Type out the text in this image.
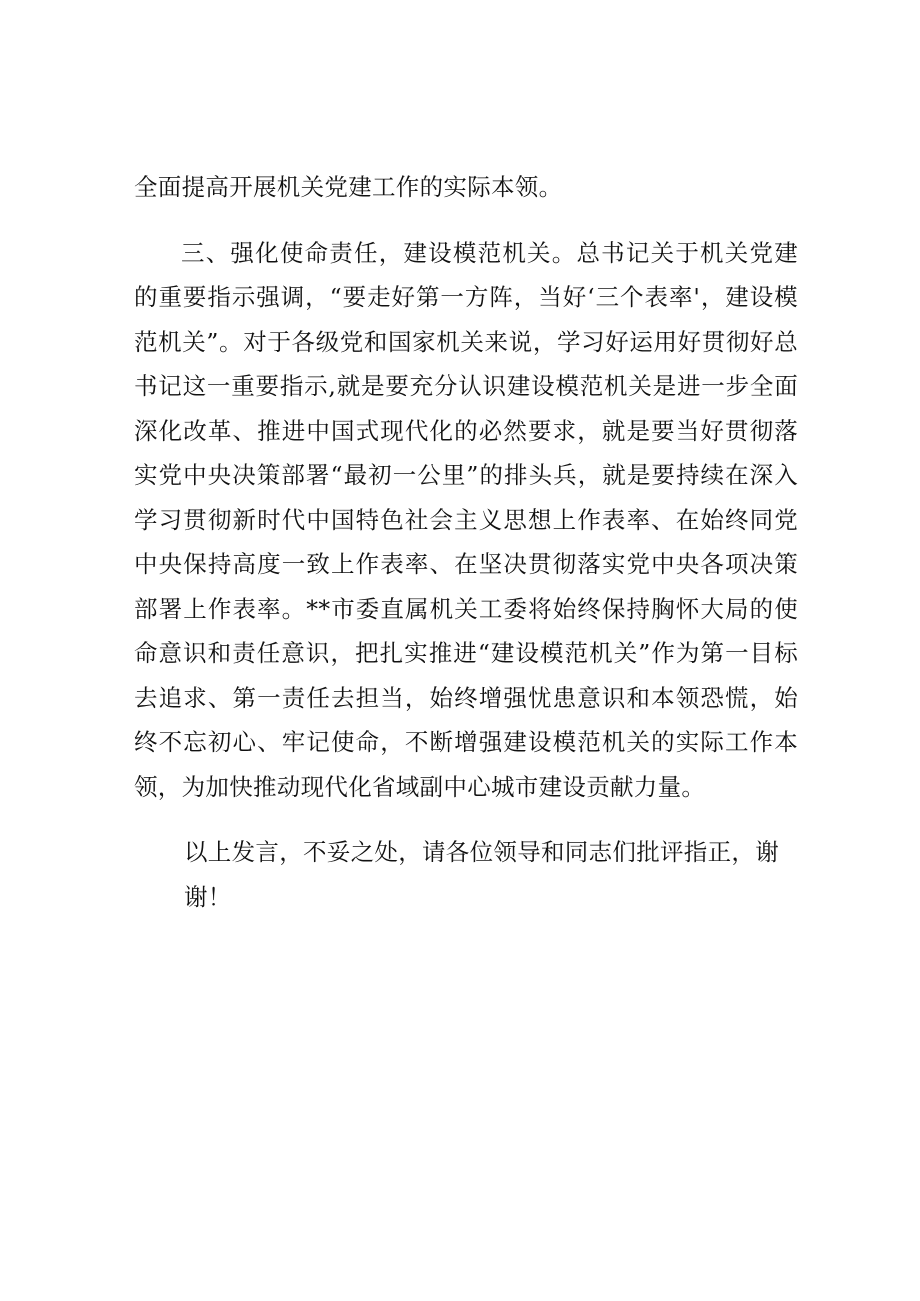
全面提高开展机关党建工作的实际本领。

三、强化使命责任，建设模范机关。总书记关于机关党建的重要指示强调，“要走好第一方阵，当好‘三个表率'，建设模范机关”。对于各级党和国家机关来说，学习好运用好贯彻好总书记这一重要指示,就是要充分认识建设模范机关是进一步全面深化改革、推进中国式现代化的必然要求，就是要当好贯彻落实党中央决策部署“最初一公里”的排头兵，就是要持续在深入学习贯彻新时代中国特色社会主义思想上作表率、在始终同党中央保持高度一致上作表率、在坚决贯彻落实党中央各项决策部署上作表率。**市委直属机关工委将始终保持胸怀大局的使命意识和责任意识，把扎实推进“建设模范机关”作为第一目标去追求、第一责任去担当，始终增强忧患意识和本领恐慌，始终不忘初心、牢记使命，不断增强建设模范机关的实际工作本领，为加快推动现代化省域副中心城市建设贡献力量。

以上发言，不妥之处，请各位领导和同志们批评指正，谢谢！
